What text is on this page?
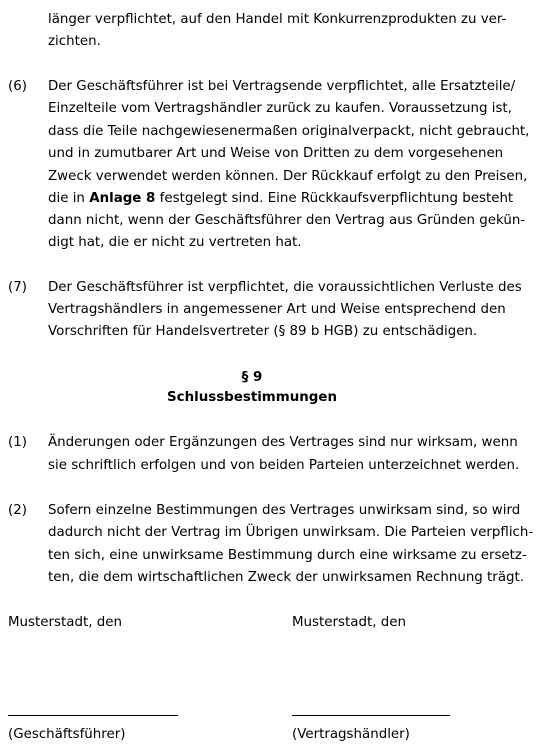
länger verpflichtet, auf den Handel mit Konkurrenzprodukten zu ver-
zichten.
(6) Der Geschäftsführer ist bei Vertragsende verpflichtet, alle Ersatzteile/
Einzelteile vom Vertragshändler zurück zu kaufen. Voraussetzung ist,
dass die Teile nachgewiesenermaßen originalverpackt, nicht gebraucht,
und in zumutbarer Art und Weise von Dritten zu dem vorgesehenen
Zweck verwendet werden können. Der Rückkauf erfolgt zu den Preisen,
die in Anlage 8 festgelegt sind. Eine Rückkaufsverpflichtung besteht
dann nicht, wenn der Geschäftsführer den Vertrag aus Gründen gekün-
digt hat, die er nicht zu vertreten hat.
(7) Der Geschäftsführer ist verpflichtet, die voraussichtlichen Verluste des
Vertragshändlers in angemessener Art und Weise entsprechend den
Vorschriften für Handelsvertreter (§ 89 b HGB) zu entschädigen.
§ 9
Schlussbestimmungen
(1) Änderungen oder Ergänzungen des Vertrages sind nur wirksam, wenn
sie schriftlich erfolgen und von beiden Parteien unterzeichnet werden.
(2) Sofern einzelne Bestimmungen des Vertrages unwirksam sind, so wird
dadurch nicht der Vertrag im Übrigen unwirksam. Die Parteien verpflich-
ten sich, eine unwirksame Bestimmung durch eine wirksame zu ersetz-
ten, die dem wirtschaftlichen Zweck der unwirksamen Rechnung trägt.
Musterstadt, den	Musterstadt, den
(Geschäftsführer)	(Vertragshändler)
